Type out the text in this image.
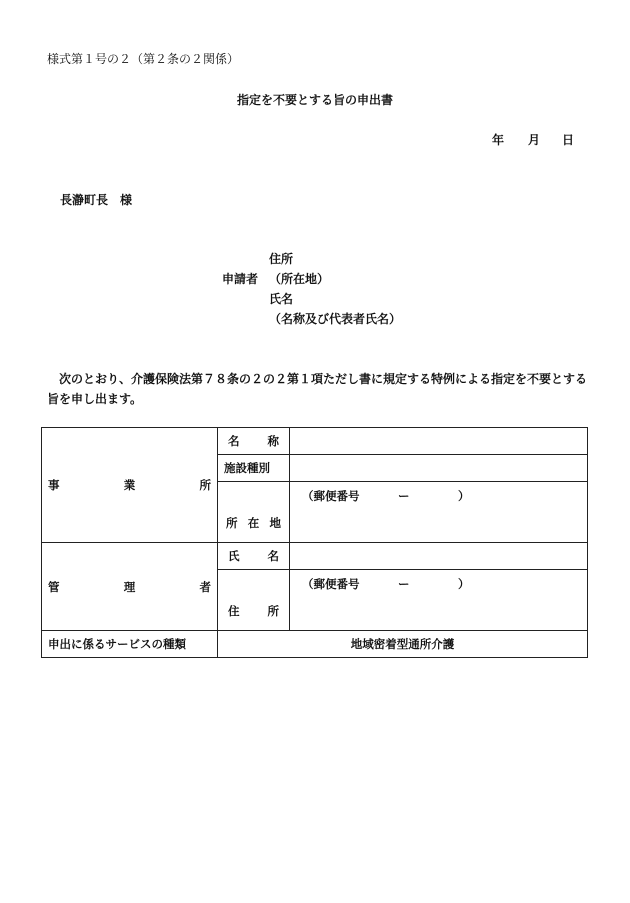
様式第１号の２（第２条の２関係）
指定を不要とする旨の申出書
年 月 日
長瀞町長　様
住所
申請者 （所在地）
氏名
（名称及び代表者氏名）
次のとおり、介護保険法第７８条の２の２第１項ただし書に規定する特例による指定を不要とする旨を申し出ます。
事 業 所	名 称	

	施設種別	

	所 在 地	（郵便番号 ー ）

管 理 者	氏 名	

	住 所	（郵便番号 ー ）

申出に係るサービスの種類	地域密着型通所介護	
